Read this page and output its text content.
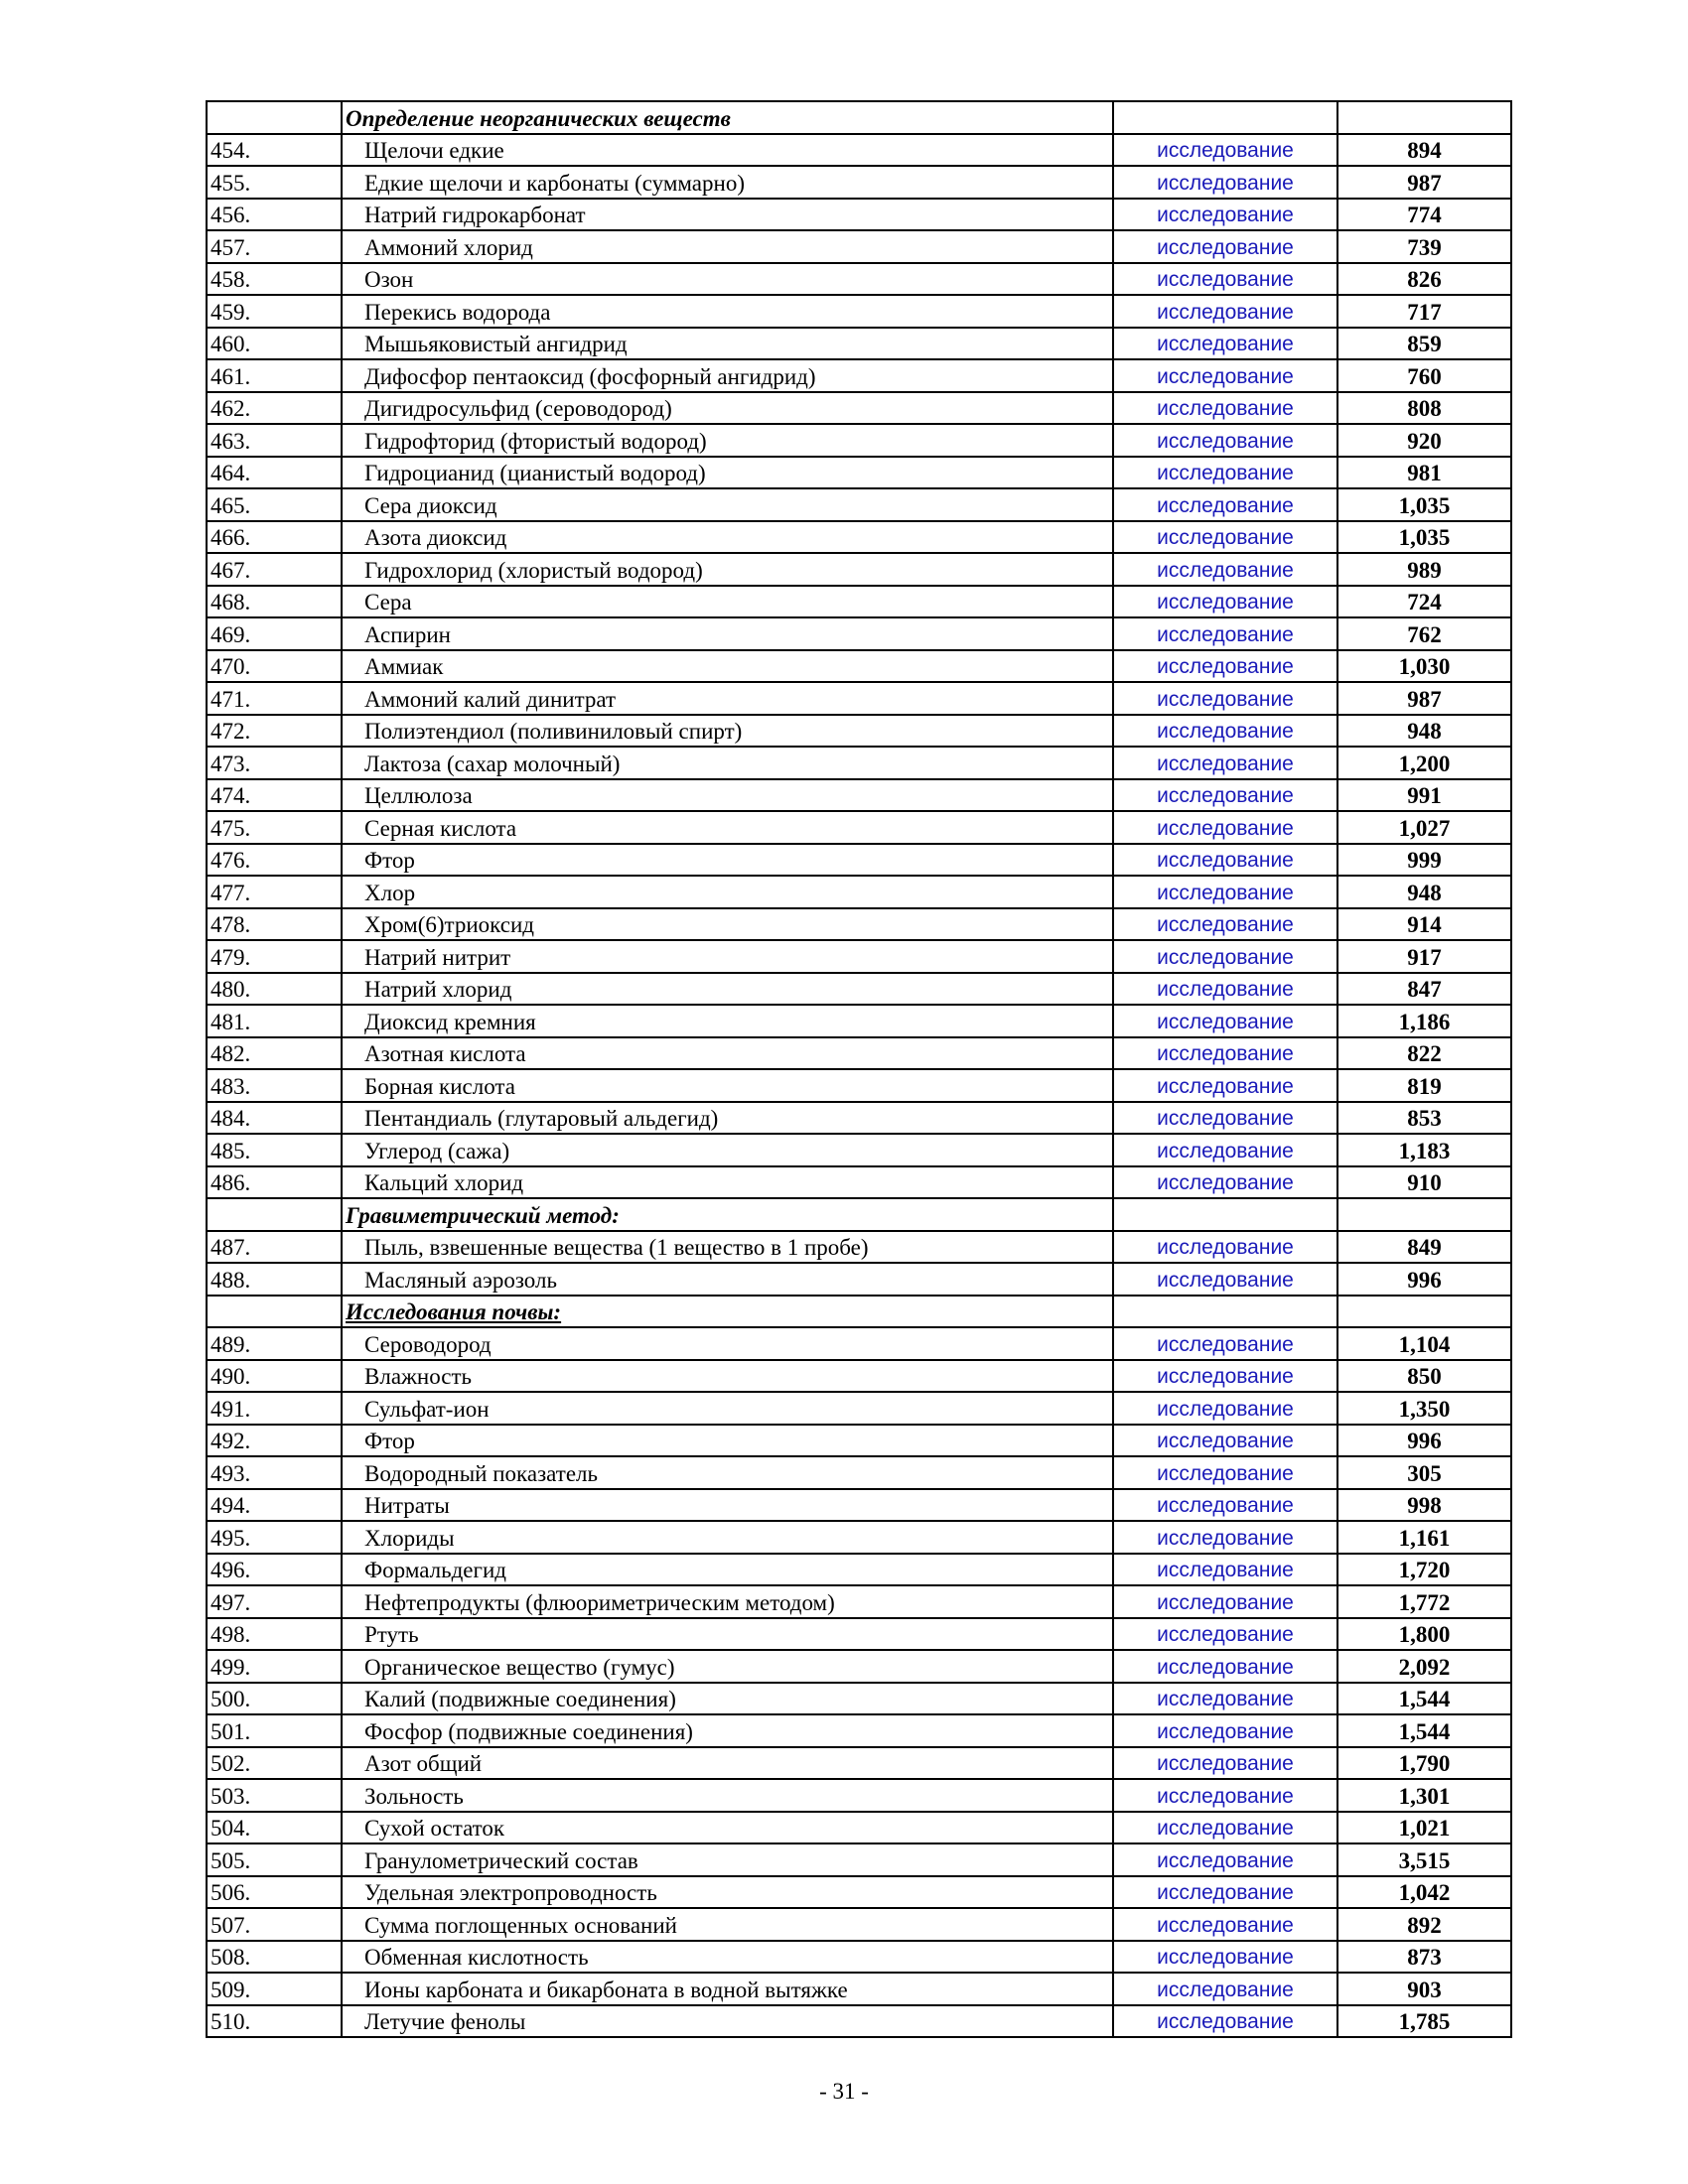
	Определение неорганических веществ		
454.	Щелочи едкие	исследование	894
455.	Едкие щелочи и карбонаты (суммарно)	исследование	987
456.	Натрий гидрокарбонат	исследование	774
457.	Аммоний хлорид	исследование	739
458.	Озон	исследование	826
459.	Перекись водорода	исследование	717
460.	Мышьяковистый ангидрид	исследование	859
461.	Дифосфор пентаоксид (фосфорный ангидрид)	исследование	760
462.	Дигидросульфид (сероводород)	исследование	808
463.	Гидрофторид (фтористый водород)	исследование	920
464.	Гидроцианид (цианистый водород)	исследование	981
465.	Сера диоксид	исследование	1,035
466.	Азота диоксид	исследование	1,035
467.	Гидрохлорид (хлористый водород)	исследование	989
468.	Сера	исследование	724
469.	Аспирин	исследование	762
470.	Аммиак	исследование	1,030
471.	Аммоний калий динитрат	исследование	987
472.	Полиэтендиол (поливиниловый спирт)	исследование	948
473.	Лактоза (сахар молочный)	исследование	1,200
474.	Целлюлоза	исследование	991
475.	Серная кислота	исследование	1,027
476.	Фтор	исследование	999
477.	Хлор	исследование	948
478.	Хром(6)триоксид	исследование	914
479.	Натрий нитрит	исследование	917
480.	Натрий хлорид	исследование	847
481.	Диоксид кремния	исследование	1,186
482.	Азотная кислота	исследование	822
483.	Борная кислота	исследование	819
484.	Пентандиаль (глутаровый альдегид)	исследование	853
485.	Углерод (сажа)	исследование	1,183
486.	Кальций хлорид	исследование	910
	Гравиметрический метод:		
487.	Пыль, взвешенные вещества (1 вещество в 1 пробе)	исследование	849
488.	Масляный аэрозоль	исследование	996
	Исследования почвы:		
489.	Сероводород	исследование	1,104
490.	Влажность	исследование	850
491.	Сульфат-ион	исследование	1,350
492.	Фтор	исследование	996
493.	Водородный показатель	исследование	305
494.	Нитраты	исследование	998
495.	Хлориды	исследование	1,161
496.	Формальдегид	исследование	1,720
497.	Нефтепродукты (флюориметрическим методом)	исследование	1,772
498.	Ртуть	исследование	1,800
499.	Органическое вещество (гумус)	исследование	2,092
500.	Калий (подвижные соединения)	исследование	1,544
501.	Фосфор (подвижные соединения)	исследование	1,544
502.	Азот общий	исследование	1,790
503.	Зольность	исследование	1,301
504.	Сухой остаток	исследование	1,021
505.	Гранулометрический состав	исследование	3,515
506.	Удельная электропроводность	исследование	1,042
507.	Сумма поглощенных оснований	исследование	892
508.	Обменная кислотность	исследование	873
509.	Ионы карбоната и бикарбоната в водной вытяжке	исследование	903
510.	Летучие фенолы	исследование	1,785
- 31 -
